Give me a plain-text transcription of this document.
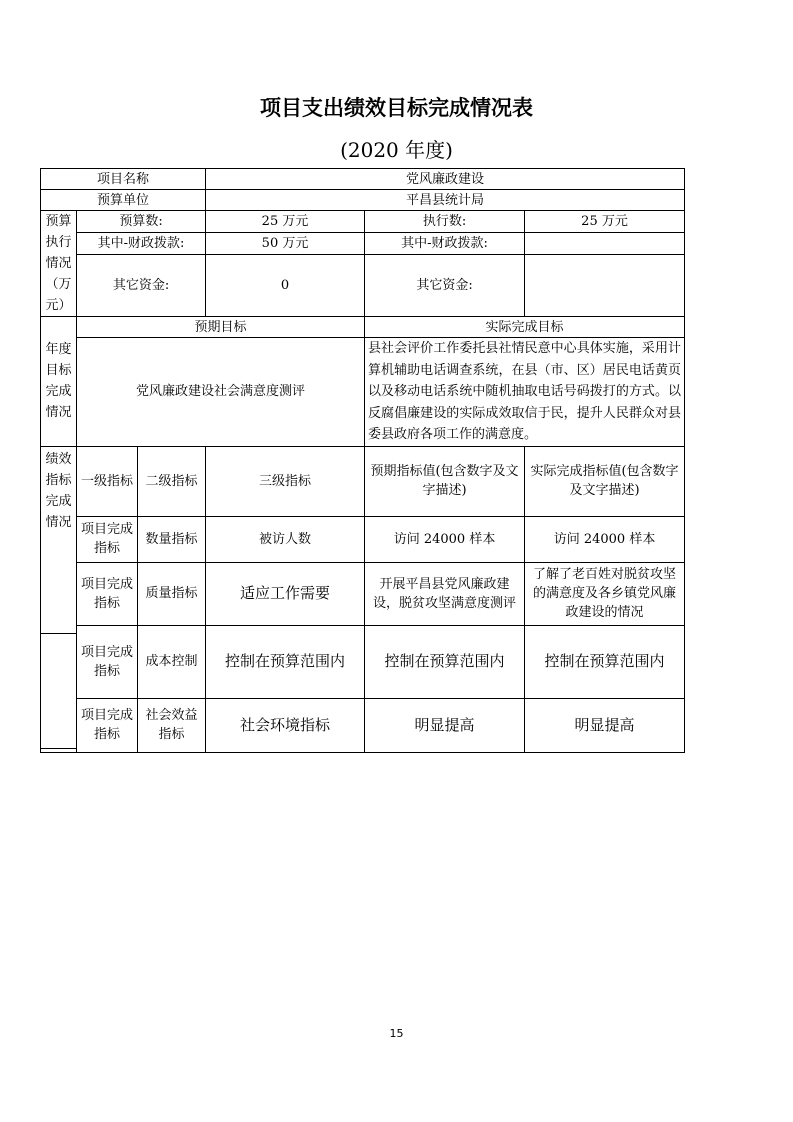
项目支出绩效目标完成情况表
(2020 年度)
项目名称			党风廉政建设		
预算单位			平昌县统计局		
预算执行情况（万元）	预算数:		25 万元	执行数:	25 万元
	其中-财政拨款:		50 万元	其中-财政拨款:	
	其它资金:		0	其它资金:	
年度目标完成情况	预期目标			实际完成目标	
	党风廉政建设社会满意度测评			县社会评价工作委托县社情民意中心具体实施，采用计算机辅助电话调查系统，在县（市、区）居民电话黄页以及移动电话系统中随机抽取电话号码拨打的方式。以反腐倡廉建设的实际成效取信于民，提升人民群众对县委县政府各项工作的满意度。	
绩效指标完成情况	一级指标	二级指标	三级指标	预期指标值(包含数字及文字描述)	实际完成指标值(包含数字及文字描述)
	项目完成指标	数量指标	被访人数	访问 24000 样本	访问 24000 样本
	项目完成指标	质量指标	适应工作需要	开展平昌县党风廉政建设，脱贫攻坚满意度测评	了解了老百姓对脱贫攻坚的满意度及各乡镇党风廉政建设的情况
	项目完成指标	成本控制	控制在预算范围内	控制在预算范围内	控制在预算范围内
	项目完成指标	社会效益指标	社会环境指标	明显提高	明显提高
15
